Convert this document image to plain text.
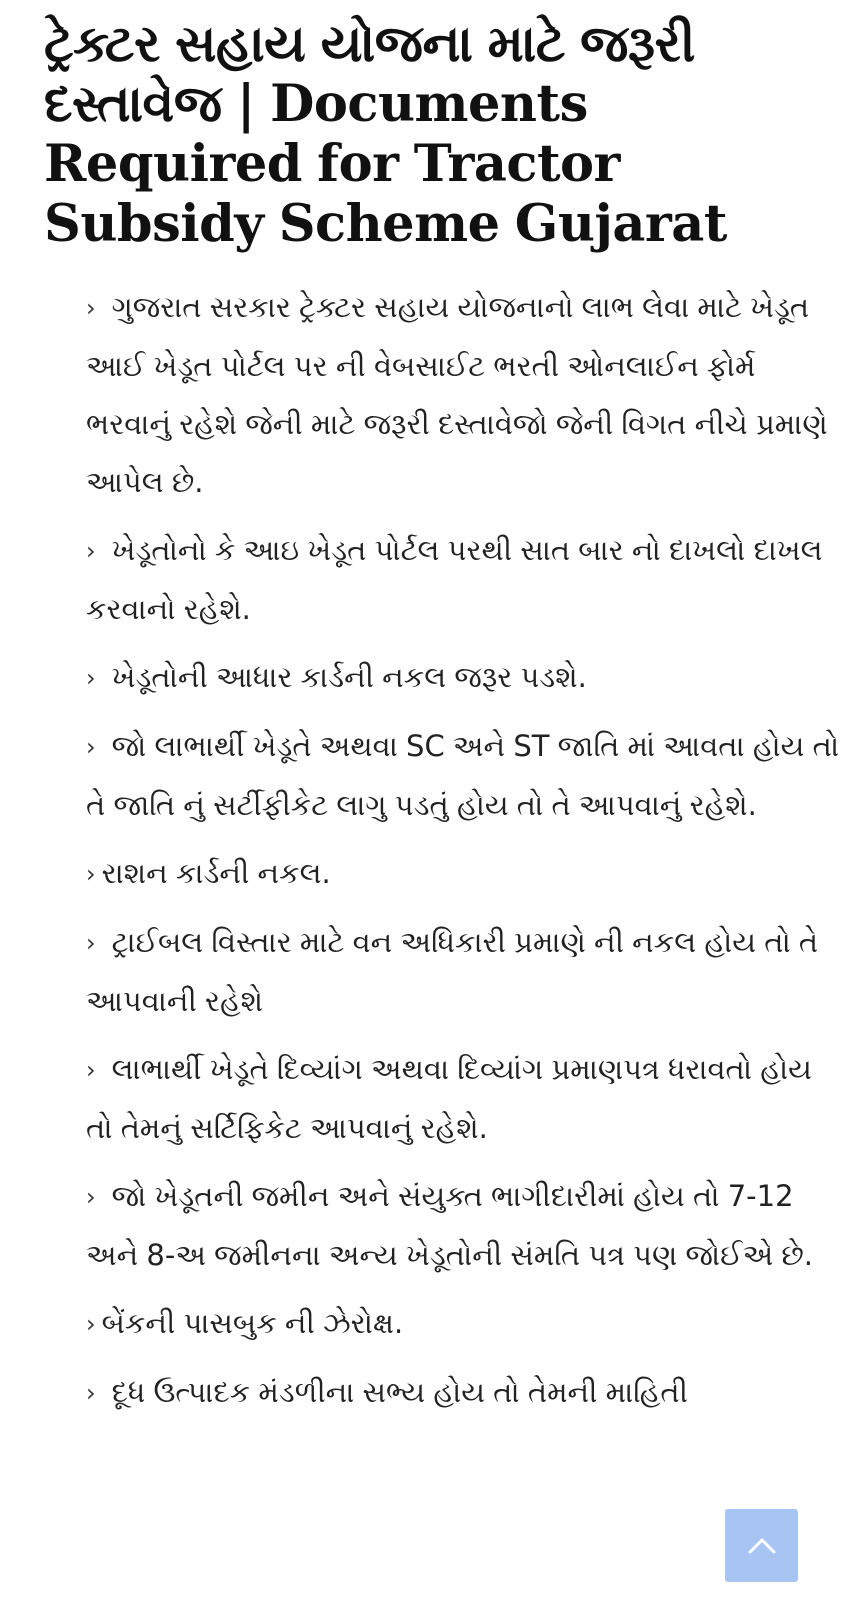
ટ્રેક્ટર સહાય યોજના માટે જરૂરી દસ્તાવેજ | Documents Required for Tractor Subsidy Scheme Gujarat
› ગુજરાત સરકાર ટ્રેક્ટર સહાય યોજનાનો લાભ લેવા માટે ખેડૂત આઈ ખેડૂત પોર્ટલ પર ની વેબસાઈટ ભરતી ઓનલાઈન ફોર્મ ભરવાનું રહેશે જેની માટે જરૂરી દસ્તાવેજો જેની વિગત નીચે પ્રમાણે આપેલ છે.
› ખેડૂતોનો કે આઇ ખેડૂત પોર્ટલ પરથી સાત બાર નો દાખલો દાખલ કરવાનો રહેશે.
› ખેડૂતોની આધાર કાર્ડની નકલ જરૂર પડશે.
› જો લાભાર્થી ખેડૂતે અથવા SC અને ST જાતિ માં આવતા હોય તો તે જાતિ નું સર્ટીફીકેટ લાગુ પડતું હોય તો તે આપવાનું રહેશે.
› રાશન કાર્ડની નકલ.
› ટ્રાઈબલ વિસ્તાર માટે વન અધિકારી પ્રમાણે ની નકલ હોય તો તે આપવાની રહેશે
› લાભાર્થી ખેડૂતે દિવ્યાંગ અથવા દિવ્યાંગ પ્રમાણપત્ર ધરાવતો હોય તો તેમનું સર્ટિફિકેટ આપવાનું રહેશે.
› જો ખેડૂતની જમીન અને સંયુક્ત ભાગીદારીમાં હોય તો 7-12 અને 8-અ જમીનના અન્ય ખેડૂતોની સંમતિ પત્ર પણ જોઈએ છે.
› બેંકની પાસબુક ની ઝેરોક્ષ.
› દૂધ ઉત્પાદક મંડળીના સભ્ય હોય તો તેમની માહિતી
